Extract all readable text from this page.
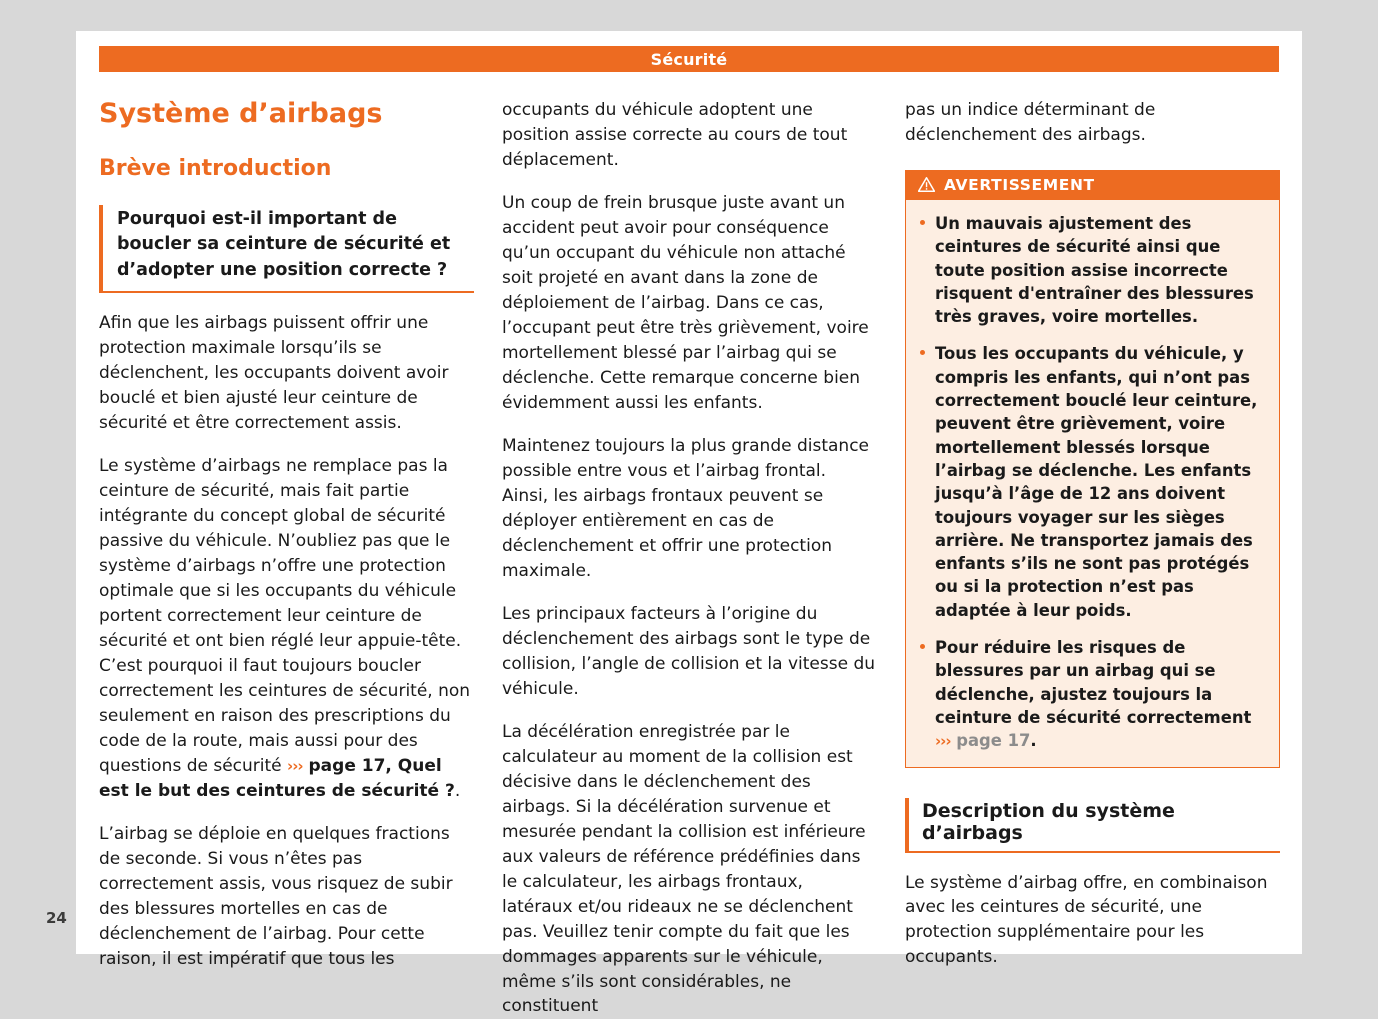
Sécurité
24
Système d’airbags
Brève introduction
Pourquoi est-il important de boucler sa ceinture de sécurité et d’adopter une position correcte ?

Afin que les airbags puissent offrir une protection maximale lorsqu’ils se déclenchent, les occupants doivent avoir bouclé et bien ajusté leur ceinture de sécurité et être correctement assis.

Le système d’airbags ne remplace pas la ceinture de sécurité, mais fait partie intégrante du concept global de sécurité passive du véhicule. N’oubliez pas que le système d’airbags n’offre une protection optimale que si les occupants du véhicule portent correctement leur ceinture de sécurité et ont bien réglé leur appuie-tête. C’est pourquoi il faut toujours boucler correctement les ceintures de sécurité, non seulement en raison des prescriptions du code de la route, mais aussi pour des questions de sécurité ››› page 17, Quel est le but des ceintures de sécurité ?.

L’airbag se déploie en quelques fractions de seconde. Si vous n’êtes pas correctement assis, vous risquez de subir des blessures mortelles en cas de déclenchement de l’airbag. Pour cette raison, il est impératif que tous les

occupants du véhicule adoptent une position assise correcte au cours de tout déplacement.

Un coup de frein brusque juste avant un accident peut avoir pour conséquence qu’un occupant du véhicule non attaché soit projeté en avant dans la zone de déploiement de l’airbag. Dans ce cas, l’occupant peut être très grièvement, voire mortellement blessé par l’airbag qui se déclenche. Cette remarque concerne bien évidemment aussi les enfants.

Maintenez toujours la plus grande distance possible entre vous et l’airbag frontal. Ainsi, les airbags frontaux peuvent se déployer entièrement en cas de déclenchement et offrir une protection maximale.

Les principaux facteurs à l’origine du déclenchement des airbags sont le type de collision, l’angle de collision et la vitesse du véhicule.

La décélération enregistrée par le calculateur au moment de la collision est décisive dans le déclenchement des airbags. Si la décélération survenue et mesurée pendant la collision est inférieure aux valeurs de référence prédéfinies dans le calculateur, les airbags frontaux, latéraux et/ou rideaux ne se déclenchent pas. Veuillez tenir compte du fait que les dommages apparents sur le véhicule, même s’ils sont considérables, ne constituent

pas un indice déterminant de déclenchement des airbags.

AVERTISSEMENT
Un mauvais ajustement des ceintures de sécurité ainsi que toute position assise incorrecte risquent d'entraîner des blessures très graves, voire mortelles.
Tous les occupants du véhicule, y compris les enfants, qui n’ont pas correctement bouclé leur ceinture, peuvent être grièvement, voire mortellement blessés lorsque l’airbag se déclenche. Les enfants jusqu’à l’âge de 12 ans doivent toujours voyager sur les sièges arrière. Ne transportez jamais des enfants s’ils ne sont pas protégés ou si la protection n’est pas adaptée à leur poids.
Pour réduire les risques de blessures par un airbag qui se déclenche, ajustez toujours la ceinture de sécurité correctement ››› page 17.
Description du système d’airbags

Le système d’airbag offre, en combinaison avec les ceintures de sécurité, une protection supplémentaire pour les occupants.
